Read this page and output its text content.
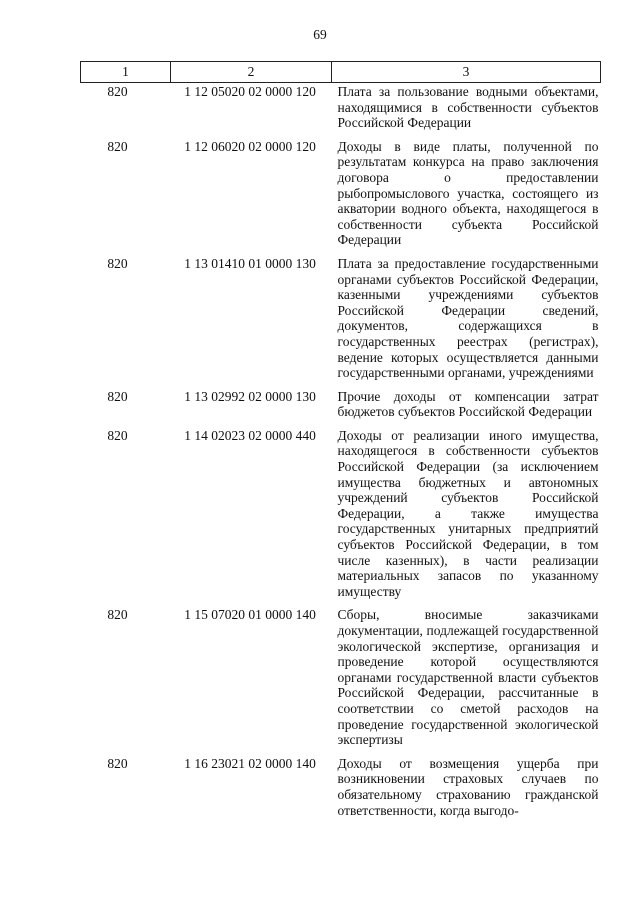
69
1	2	3
820	1 12 05020 02 0000 120	Плата за пользование водными объектами, находящимися в собственности субъектов Российской Федерации
820	1 12 06020 02 0000 120	Доходы в виде платы, полученной по результатам конкурса на право заключения договора о предоставлении рыбопромыслового участка, состоящего из акватории водного объекта, находящегося в собственности субъекта Российской Федерации
820	1 13 01410 01 0000 130	Плата за предоставление государственными органами субъектов Российской Федерации, казенными учреждениями субъектов Российской Федерации сведений, документов, содержащихся в государственных реестрах (регистрах), ведение которых осуществляется данными государственными органами, учреждениями
820	1 13 02992 02 0000 130	Прочие доходы от компенсации затрат бюджетов субъектов Российской Федерации
820	1 14 02023 02 0000 440	Доходы от реализации иного имущества, находящегося в собственности субъектов Российской Федерации (за исключением имущества бюджетных и автономных учреждений субъектов Российской Федерации, а также имущества государственных унитарных предприятий субъектов Российской Федерации, в том числе казенных), в части реализации материальных запасов по указанному имуществу
820	1 15 07020 01 0000 140	Сборы, вносимые заказчиками документации, подлежащей государственной экологической экспертизе, организация и проведение которой осуществляются органами государственной власти субъектов Российской Федерации, рассчитанные в соответствии со сметой расходов на проведение государственной экологической экспертизы
820	1 16 23021 02 0000 140	Доходы от возмещения ущерба при возникновении страховых случаев по обязательному страхованию гражданской ответственности, когда выгодо-
